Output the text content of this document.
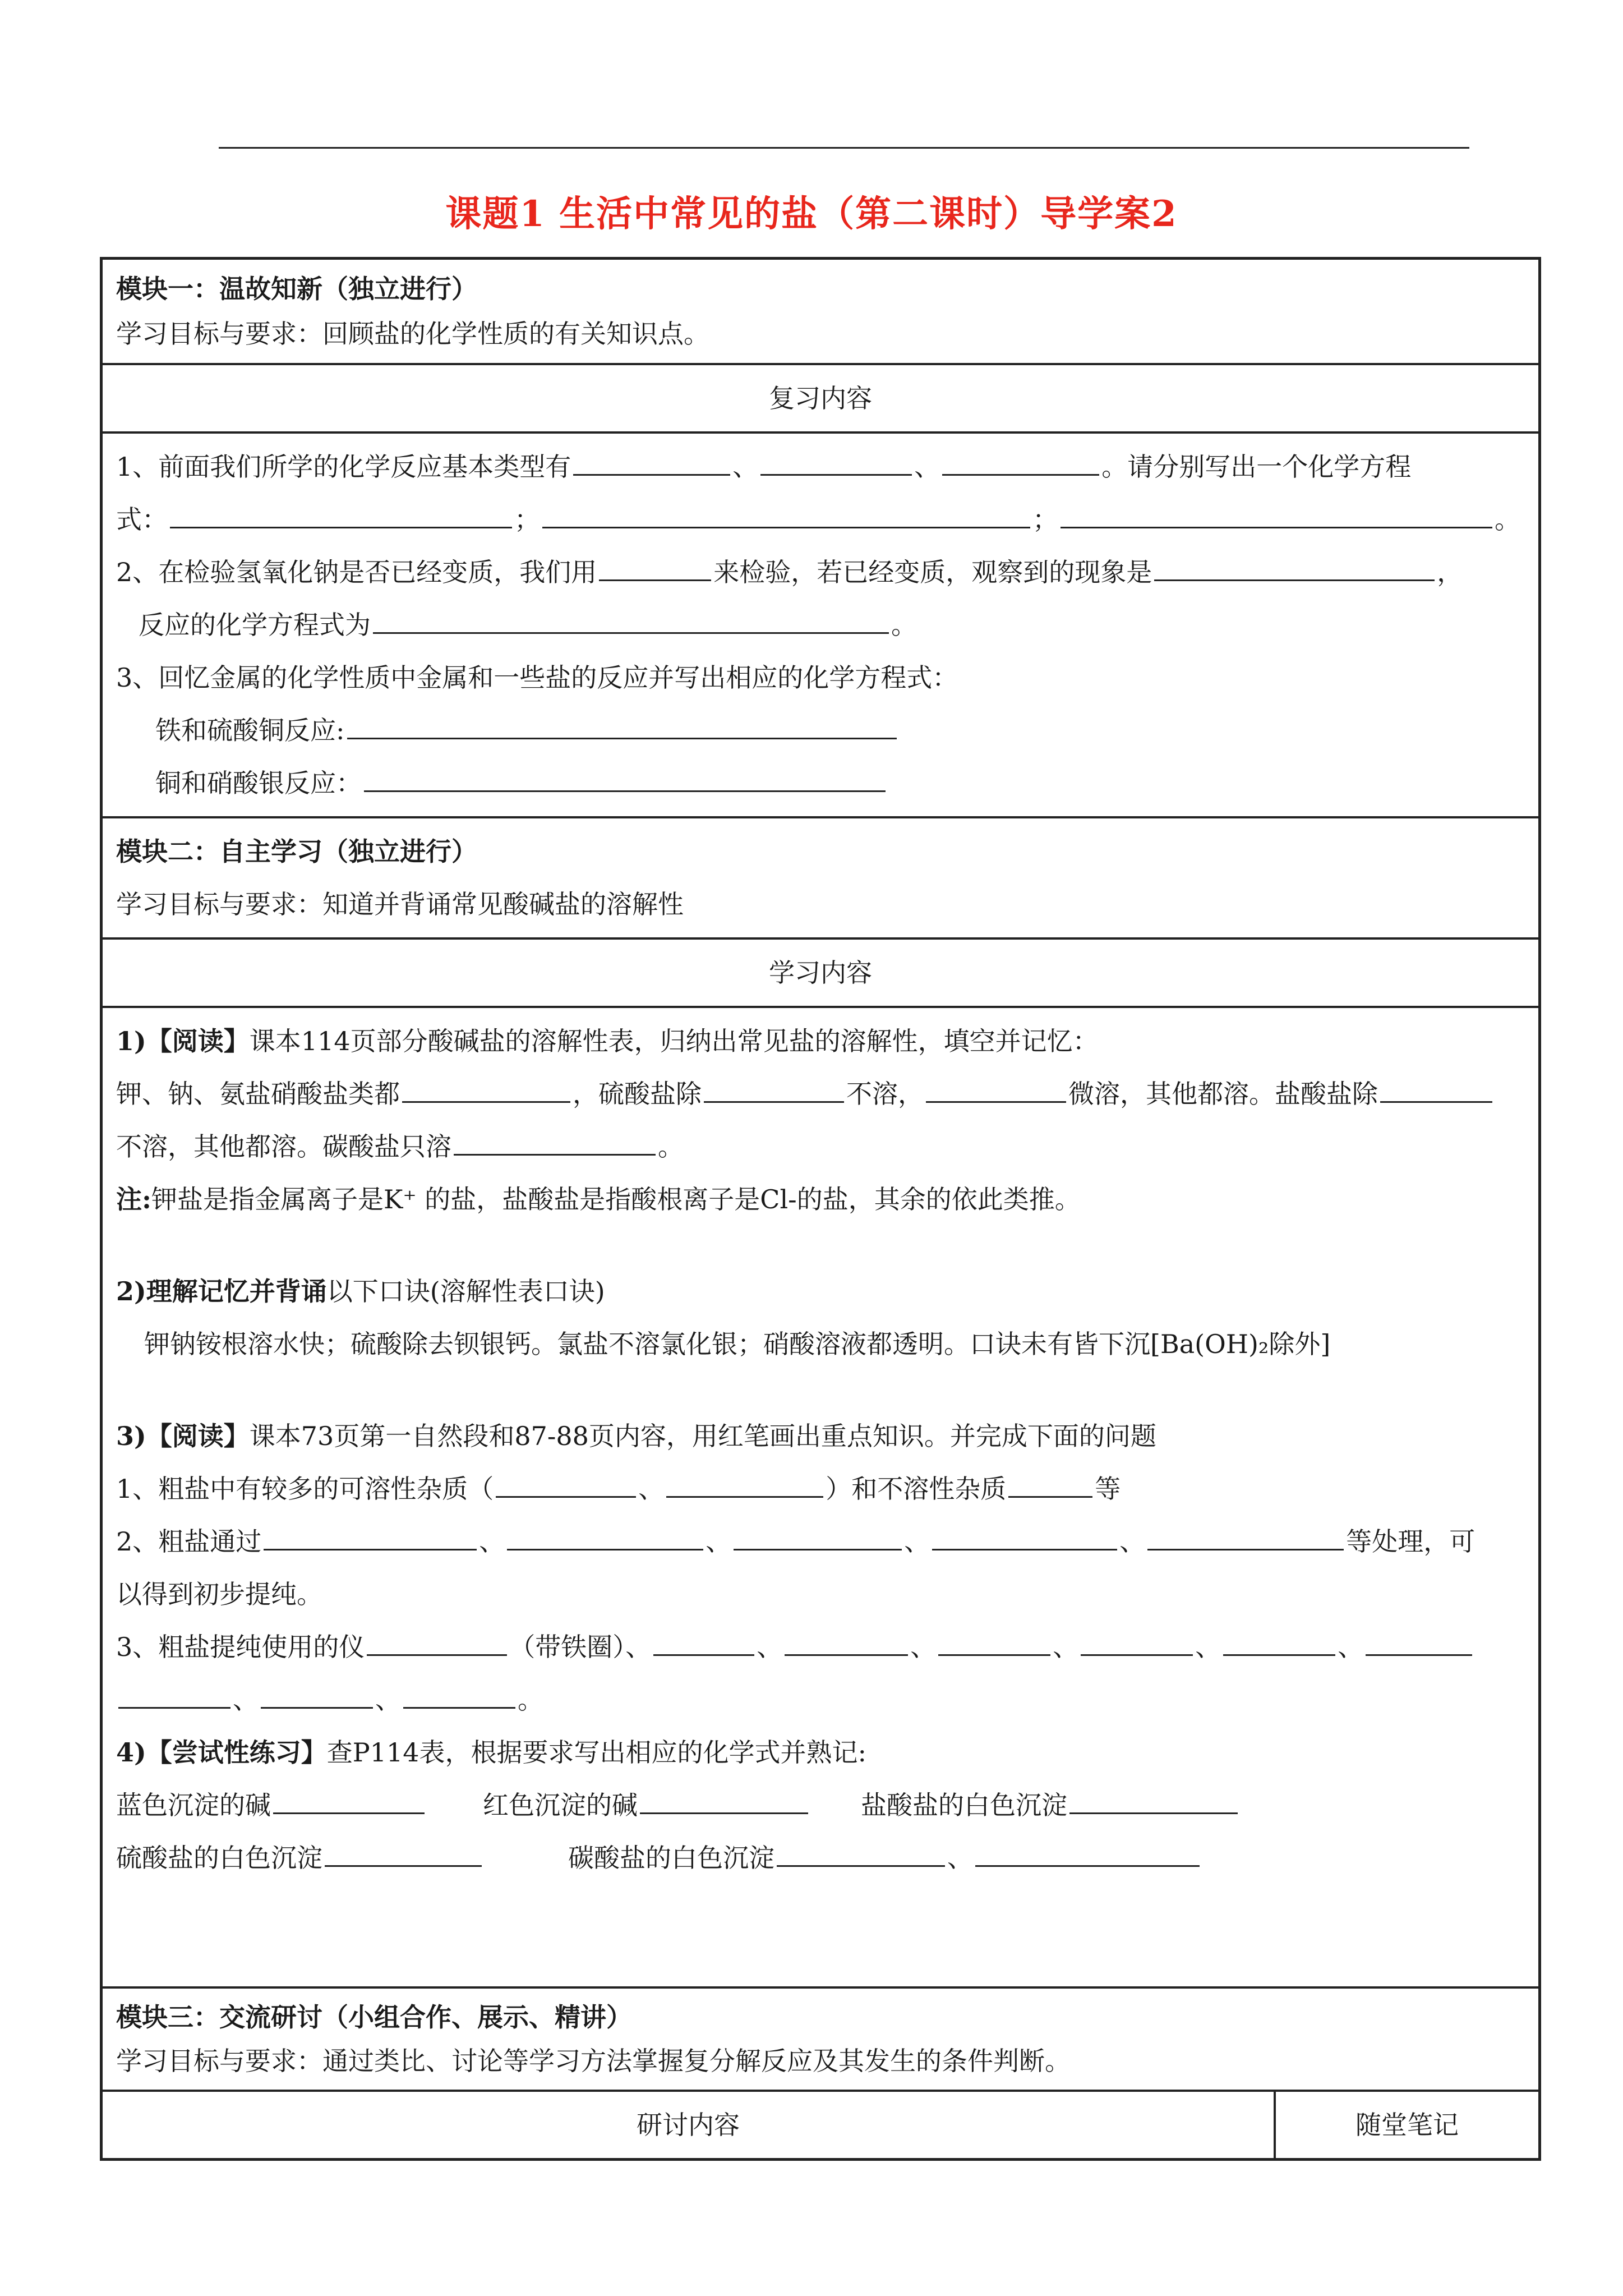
课题1 生活中常见的盐（第二课时）导学案2
模块一：温故知新（独立进行）
学习目标与要求：回顾盐的化学性质的有关知识点。
复习内容
1、前面我们所学的化学反应基本类型有	、	、	。请分别写出一个化学方程
式：	；	；	。
2、在检验氢氧化钠是否已经变质，我们用	来检验，若已经变质，观察到的现象是	，
反应的化学方程式为	。
3、回忆金属的化学性质中金属和一些盐的反应并写出相应的化学方程式：
铁和硫酸铜反应:
铜和硝酸银反应：
模块二：自主学习（独立进行）
学习目标与要求：知道并背诵常见酸碱盐的溶解性
学习内容
1)【阅读】课本114页部分酸碱盐的溶解性表，归纳出常见盐的溶解性，填空并记忆：
钾、钠、氨盐硝酸盐类都	，硫酸盐除	不溶，	微溶，其他都溶。盐酸盐除
不溶，其他都溶。碳酸盐只溶	。
注:钾盐是指金属离子是K⁺ 的盐，盐酸盐是指酸根离子是Cl-的盐，其余的依此类推。
2)理解记忆并背诵以下口诀(溶解性表口诀)
钾钠铵根溶水快；硫酸除去钡银钙。氯盐不溶氯化银；硝酸溶液都透明。口诀未有皆下沉[Ba(OH)₂除外]
3)【阅读】课本73页第一自然段和87-88页内容，用红笔画出重点知识。并完成下面的问题
1、粗盐中有较多的可溶性杂质（	、	）和不溶性杂质	等
2、粗盐通过	、	、	、	、	等处理，可
以得到初步提纯。
3、粗盐提纯使用的仪	（带铁圈）、	、	、	、	、	、
、	、	。
4)【尝试性练习】查P114表，根据要求写出相应的化学式并熟记:
蓝色沉淀的碱	红色沉淀的碱	盐酸盐的白色沉淀
硫酸盐的白色沉淀	碳酸盐的白色沉淀	、
模块三：交流研讨（小组合作、展示、精讲）
学习目标与要求：通过类比、讨论等学习方法掌握复分解反应及其发生的条件判断。
研讨内容	随堂笔记
